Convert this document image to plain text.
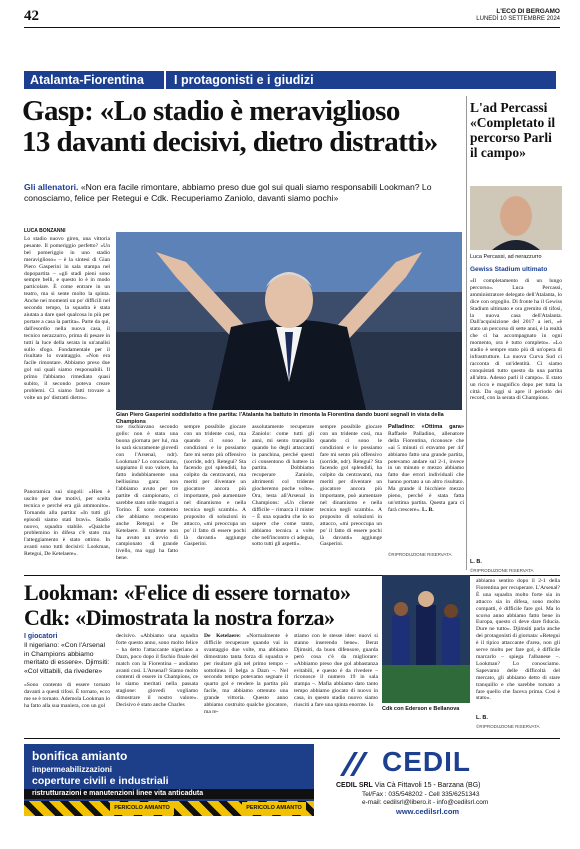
42	L'ECO DI BERGAMO
LUNEDÌ 10 SETTEMBRE 2024
Atalanta-Fiorentina	I protagonisti e i giudizi
Gasp: «Lo stadio è meraviglioso
13 davanti decisivi, dietro distratti»
Gli allenatori. «Non era facile rimontare, abbiamo preso due gol sui quali siamo responsabili Lookman? Lo conosciamo, felice per Retegui e Cdk. Recuperiamo Zaniolo, davanti siamo pochi»
LUCA BONZANNI
Lo stadio nuovo giren, una vittoria pesante. Il pomeriggio perfetto? «Un bel pomeriggio in uno stadio meraviglioso» – è la sintesi di Gian Piero Gasperini in sala stampa nel dopopartita – «gli stadi pieni sono sempre belli, e questo lo è in modo particolare. È come entrare in un teatro, ma si sente molto la spinta. Anche nei momenti un po' difficili nel secondo tempo, la squadra è stata aiutata a dare quel qualcosa in più per portare a casa la partita». Parte da qui, dall'esordio nella nuova casa, il tecnico nerazzurro, prima di pesare in tutti la luce della serata in un'analisi sullo sfogo. Fondamentale per il risultato lo svantaggio. «Non era facile rimontare. Abbiamo preso due gol sui quali siamo responsabili. Il primo l'abbiamo rimediato quasi subito, il secondo poteva creare problemi. Ci siamo fatti trovare a volte un po' distratti dietro».
Panoramica sui singoli: «Hien è uscito per due motivi, per scelta tecnica e perché era già ammonito». Tornando alla partita: «In tutti gli episodi siamo stati bravi». Stadio nuovo, squadra stabile. «Qualche problemino in difesa c'è stato ma l'atteggiamento è stato ottimo. In avanti sono tutti decisivi: Lookman, Retegui, De Ketelaere».
Gian Piero Gasperini soddisfatto a fine partita: l'Atalanta ha battuto in rimonta la Fiorentina dando buoni segnali in vista della Champions
toe rischiavano secondo gollo: non è stata una buona giornata per lui, ma lo sarà sicuramente giovedì con l'Arsenal, ndr). Lookman? Lo conosciamo, sappiamo il suo valore, ha fatto indubbiamente una bellissima gara: non l'abbiamo avuto per tre partite di campionato, ci sarebbe stato utile magari a Torino. È sono contento che abbiamo recuperato anche Retegui e De Ketelaere. Il tridente non ha avuto un avvio di campionato di grande livello, ma oggi ha fatto bene.
sempre possibile giocare con un tridente così, ma quando ci sono le condizioni e lo possiamo fare mi sento più offensivo (sorride, ndr). Retegui? Sta facendo gol splendidi, ha colpito da centravanti, ma meriti per diventare un giocatore ancora più importante, può aumentare nel dinamismo e nella tecnica negli scambi». A proposito di soluzioni in attacco, «mi preoccupa un po' il fatto di essere pochi là davanti» aggiunge Gasperini.
assolutamente recuperare Zaniolo: come tutti gli anni, mi sento tranquillo quando ho degli attaccanti in panchina, perché questi ci consentono di battere la partita. Dobbiamo recuperare Zaniolo, altrimenti col tridente giocheremo poche volte». Ora, testa all'Arsenal in Champions: «Un cliente difficile – rimarca il mister – È una squadra che io so sapere che come tanto, abbiamo tecnica a volte che nell'incontro ci adegua, sotto tutti gli aspetti».
sempre possibile giocare con un tridente così, ma quando ci sono le condizioni e lo possiamo fare mi sento più offensivo (sorride, ndr). Retegui? Sta facendo gol splendidi, ha colpito da centravanti, ma meriti per diventare un giocatore ancora più importante, può aumentare nel dinamismo e nella tecnica negli scambi». A proposito di soluzioni in attacco, «mi preoccupa un po' il fatto di essere pochi là davanti» aggiunge Gasperini.
Palladino: «Ottima gara» Raffaele Palladino, allenatore della Fiorentina, riconosce che «ai 5 minuti ci eravamo per 44' abbiamo fatto una grande partita, potevamo andare sul 2-1, invece in un minuto e mezzo abbiamo fatto due errori individuali che hanno portato a un altro risultato. Ma grande il bicchiere mezzo pieno, perché è stata fatta un'ottima partita. Questa gara ci farà crescere». L. B.
©RIPRODUZIONE RISERVATA
L'ad Percassi «Completato il percorso Parli il campo»
Luca Percassi, ad nerazzurro
Gewiss Stadium ultimato
«Il completamento di un lungo percorso». Luca Percassi, amministratore delegato dell'Atalanta, lo dice con orgoglio. Di fronte ha il Gewiss Stadium ultimato e ora gremito di tifosi, la nuova casa dell'Atalanta. Dall'acquisizione del 2017 a ieri, «è stato un percorso di sette anni, è la realtà che ci ha accompagnato in ogni momento, ora è tutto completo». «Lo stadio è sempre stato più di un'opera di infrastrutture. La nuova Curva Sud ci racconta di un'identità. Ci siamo conquistati tutto questo da una partita all'altra. Adesso parli il campo». E stato un ricco e magnifico dopo per tutta la città. Da oggi si apre il periodo dei record, con la serata di Champions.
L. B.
©RIPRODUZIONE RISERVATA
Lookman: «Felice di essere tornato»
Cdk: «Dimostrata la nostra forza»
I giocatori
Il nigeriano: «Con l'Arsenal in Champions abbiamo meritato di essere». Djimsiti: «Col vittabili, da rivedere»
«Sono contento di essere tornato davanti a questi tifosi. È tornato, ecco me se è tornato. Ademola Lookman lo ha fatto alla sua maniera, con un gol
decisivo. «Abbiamo una squadra forte questo anno, sono molto felice – ha detto l'attaccante nigeriano a Dazn, poco dopo il fischio finale del match con la Fiorentina – andiamo avanti così. L'Arsenal? Siamo molto contenti di essere in Champions, ce lo siamo meritati nella passata stagione: giovedì vogliamo dimostrare il nostro valore». Decisivo è stato anche Charles
De Ketelaere: «Normalmente è difficile recuperare quando vai in svantaggio due volte, ma abbiamo dimostrato tanta forza di squadra e per risultare già nel primo tempo – sottolinea il belga a Dazn –. Nel secondo tempo potevamo segnare il quarto gol e rendere la partita più facile, ma abbiamo ottenuto una grande vittoria. Questo anno abbiamo costruito qualche giocatore, ma re-
stiamo con le stesse idee: nuovi si stanno inserendo bene». Berat Djimsiti, da buon difensore, guarda però cosa c'è da migliorare: «Abbiamo preso due gol abbastanza evitabili, e questo è da rivedere – riconosce il numero 19 in sala stampa –. Mafia abbiamo dato tanto tempo abbiamo giocato di nuovo in casa, in questo stadio nuovo siamo riusciti a fare una spinta enorme. Io
Cdk con Ederson e Bellanova
abbiamo sentito dopo il 2-1 della Fiorentina per recuperare. L'Arsenal? È una squadra molto forte sia in attacco sia in difesa, sono molto compatti, è difficile fare gol. Ma lo scorso anno abbiamo fatto bene in Europa, questo ci deve dare fiducia. Dure ne tutto». Djimsiti parla anche dei protagonisti di giornata: «Retegui è il tipico attaccante d'area, non gli serve molto per fare gol, è difficile marcarlo – spiega l'albanese –. Lookman? Lo conosciamo. Sapevamo delle difficoltà del mercato, gli abbiamo detto di stare tranquillo e che sarebbe tornato a fare quello che faceva prima. Così è stato».
L. B.
©RIPRODUZIONE RISERVATA
bonifica amianto
impermeabilizzazioni
coperture civili e industriali
ristrutturazioni e manutenzioni linee vita anticaduta
PERICOLO AMIANTO	PERICOLO AMIANTO
CEDIL
CEDIL SRL Via Cà Fittavoli 15 - Barzana (BG)
Tel/Fax : 035/548202 - Cell 335/6251343
e-mail: cedilsrl@libero.it - info@cedilsrl.com
www.cedilsrl.com
